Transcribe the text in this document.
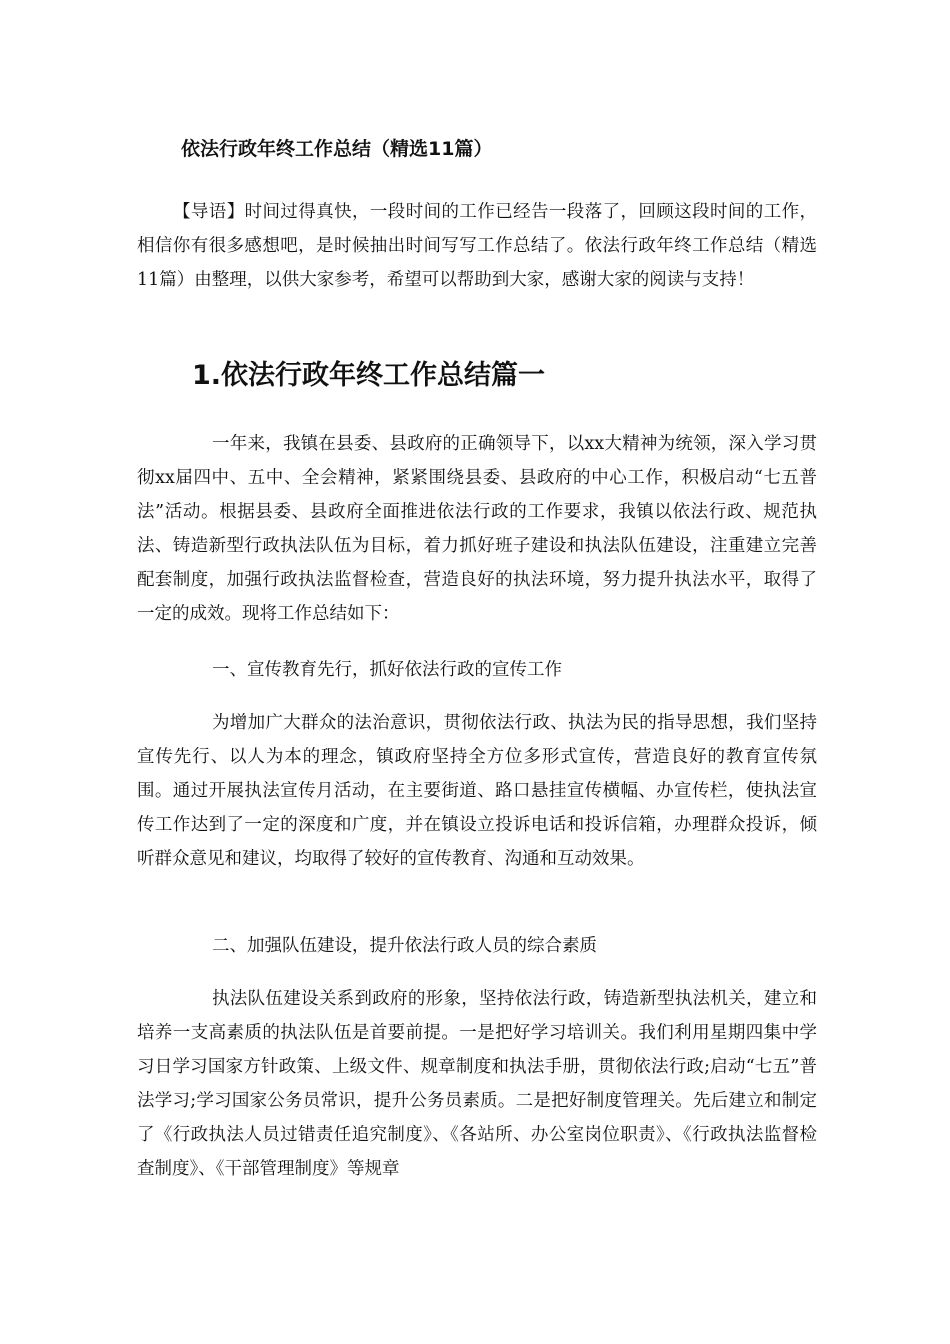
依法行政年终工作总结（精选11篇）

【导语】时间过得真快，一段时间的工作已经告一段落了，回顾这段时间的工作，相信你有很多感想吧，是时候抽出时间写写工作总结了。依法行政年终工作总结（精选11篇）由整理，以供大家参考，希望可以帮助到大家，感谢大家的阅读与支持！

1.依法行政年终工作总结篇一

一年来，我镇在县委、县政府的正确领导下，以xx大精神为统领，深入学习贯彻xx届四中、五中、全会精神，紧紧围绕县委、县政府的中心工作，积极启动“七五普法”活动。根据县委、县政府全面推进依法行政的工作要求，我镇以依法行政、规范执法、铸造新型行政执法队伍为目标，着力抓好班子建设和执法队伍建设，注重建立完善配套制度，加强行政执法监督检查，营造良好的执法环境，努力提升执法水平，取得了一定的成效。现将工作总结如下：

一、宣传教育先行，抓好依法行政的宣传工作

为增加广大群众的法治意识，贯彻依法行政、执法为民的指导思想，我们坚持宣传先行、以人为本的理念，镇政府坚持全方位多形式宣传，营造良好的教育宣传氛围。通过开展执法宣传月活动，在主要街道、路口悬挂宣传横幅、办宣传栏，使执法宣传工作达到了一定的深度和广度，并在镇设立投诉电话和投诉信箱，办理群众投诉，倾听群众意见和建议，均取得了较好的宣传教育、沟通和互动效果。

二、加强队伍建设，提升依法行政人员的综合素质

执法队伍建设关系到政府的形象，坚持依法行政，铸造新型执法机关，建立和培养一支高素质的执法队伍是首要前提。一是把好学习培训关。我们利用星期四集中学习日学习国家方针政策、上级文件、规章制度和执法手册，贯彻依法行政;启动“七五”普法学习;学习国家公务员常识，提升公务员素质。二是把好制度管理关。先后建立和制定了《行政执法人员过错责任追究制度》、《各站所、办公室岗位职责》、《行政执法监督检查制度》、《干部管理制度》等规章
